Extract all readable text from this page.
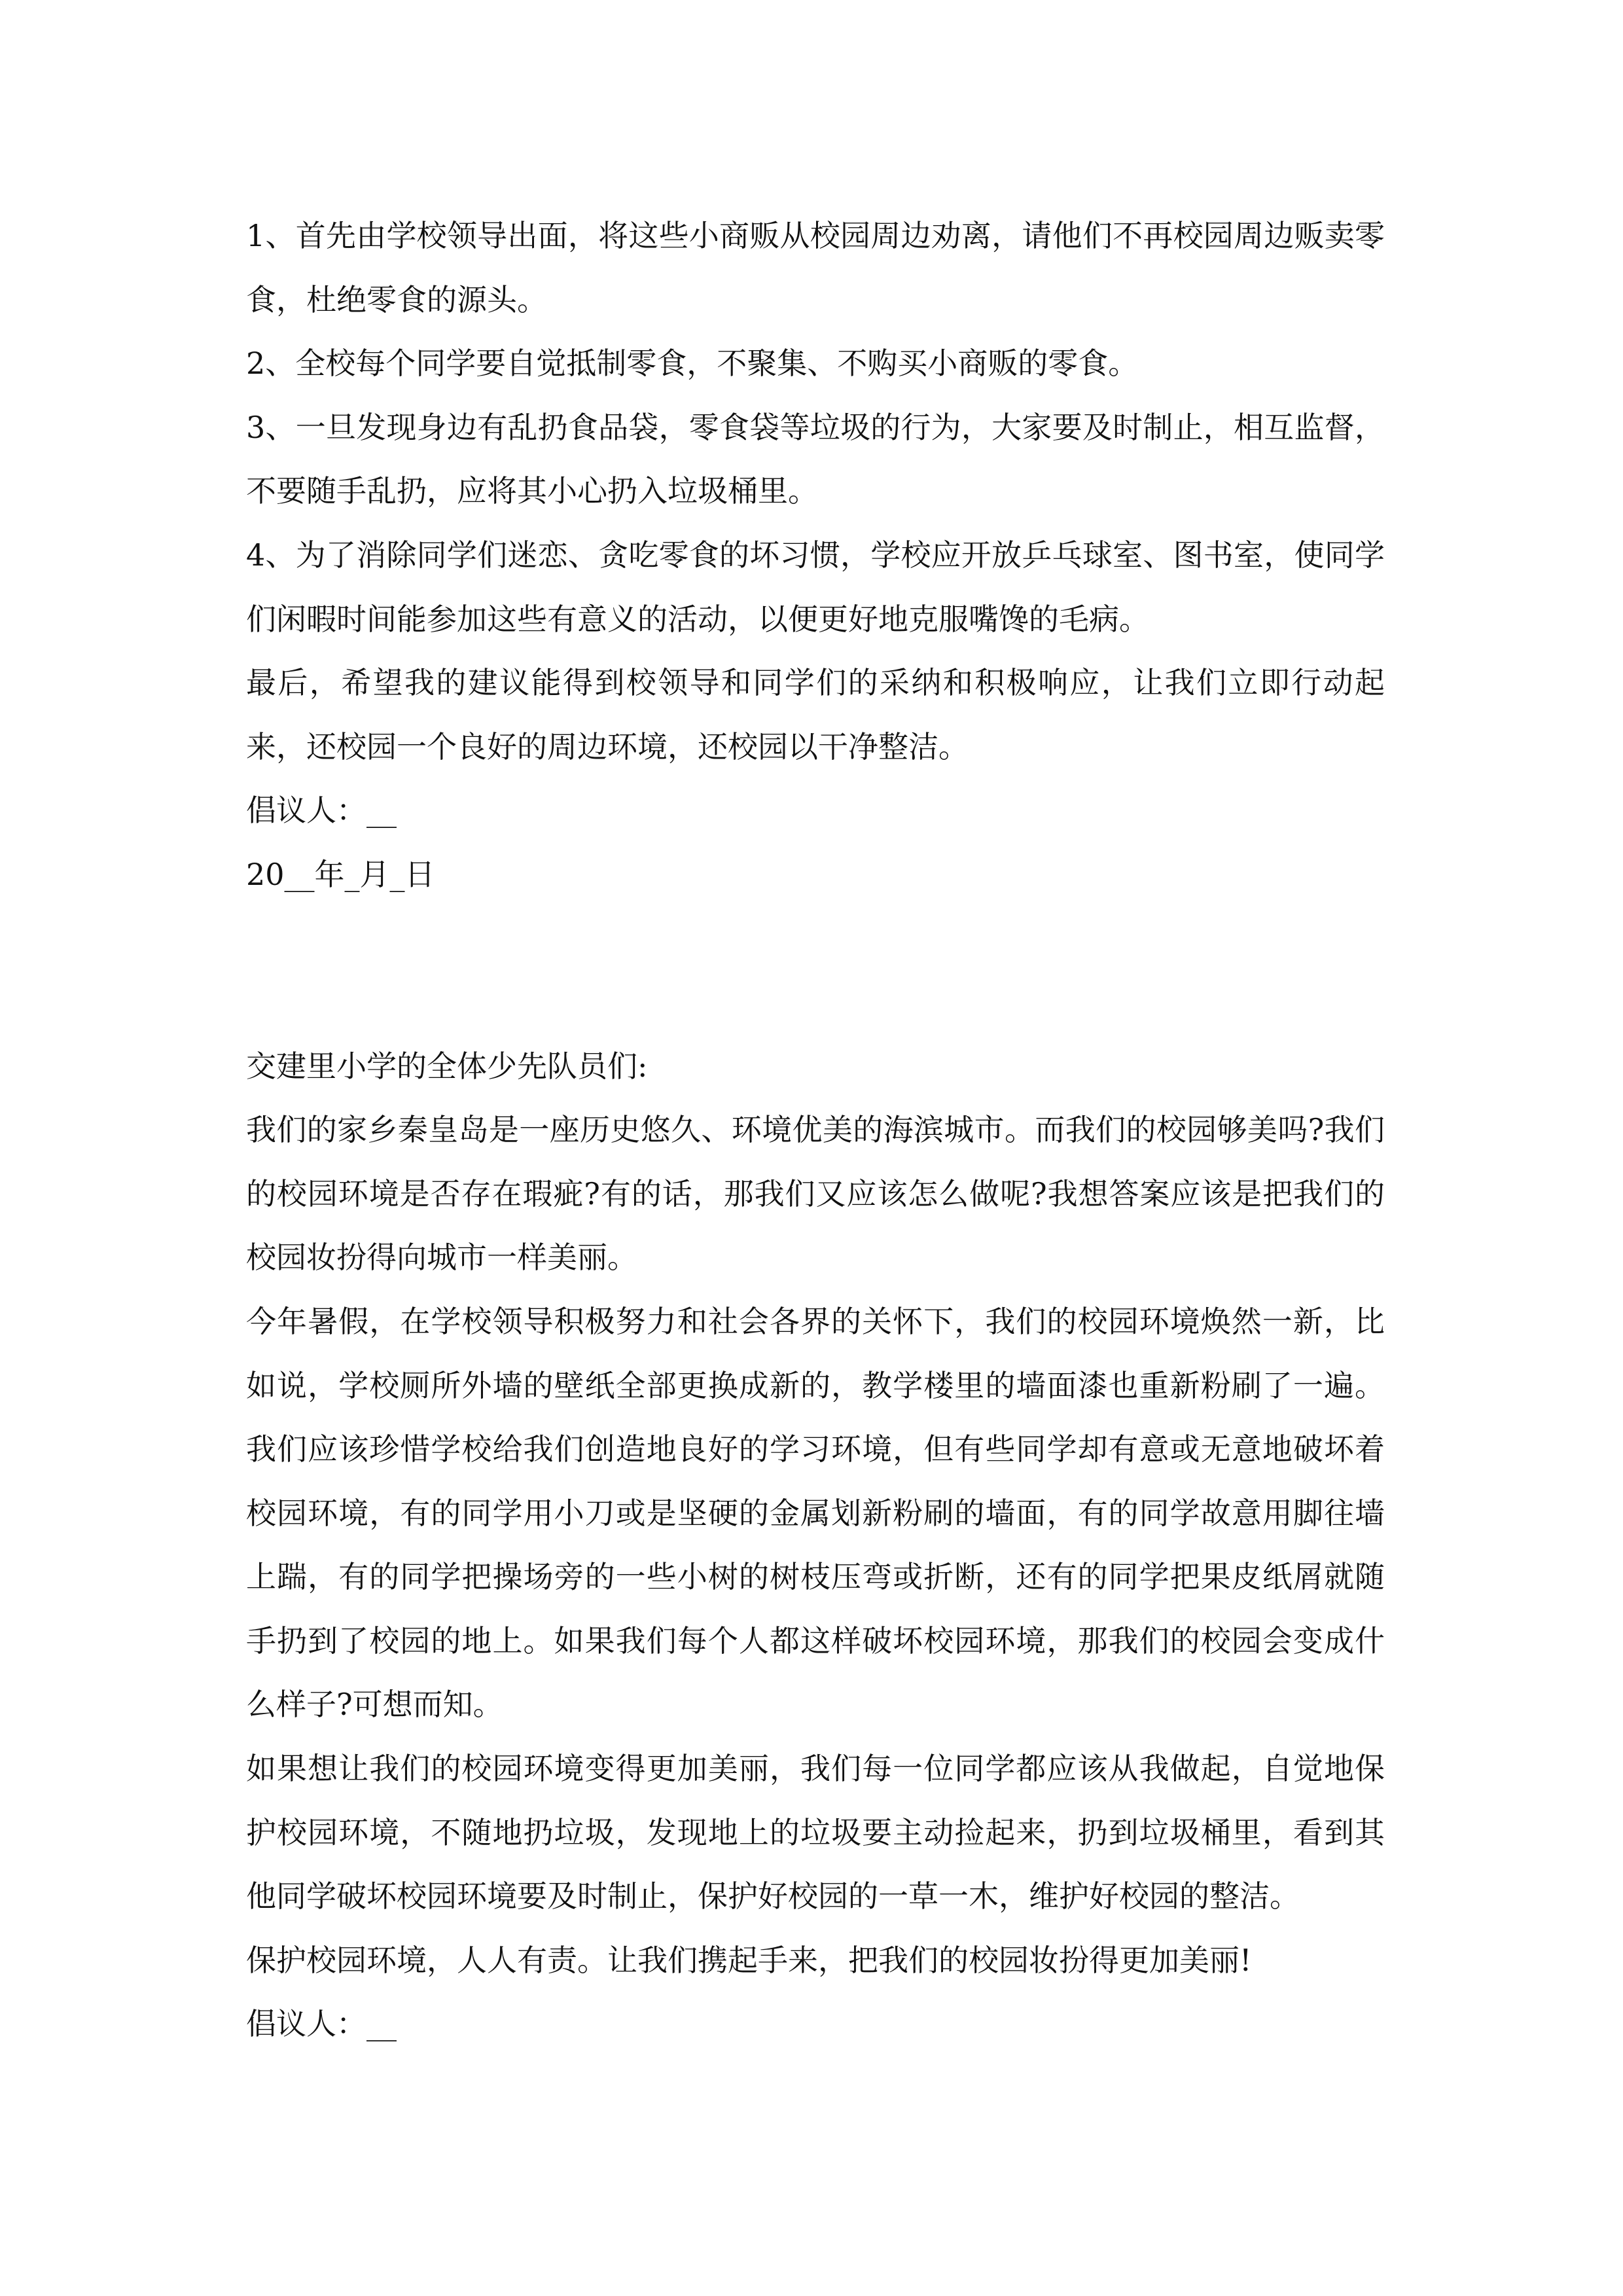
1、首先由学校领导出面，将这些小商贩从校园周边劝离，请他们不再校园周边贩卖零食，杜绝零食的源头。

2、全校每个同学要自觉抵制零食，不聚集、不购买小商贩的零食。

3、一旦发现身边有乱扔食品袋，零食袋等垃圾的行为，大家要及时制止，相互监督，不要随手乱扔，应将其小心扔入垃圾桶里。

4、为了消除同学们迷恋、贪吃零食的坏习惯，学校应开放乒乓球室、图书室，使同学们闲暇时间能参加这些有意义的活动，以便更好地克服嘴馋的毛病。

最后，希望我的建议能得到校领导和同学们的采纳和积极响应，让我们立即行动起来，还校园一个良好的周边环境，还校园以干净整洁。

倡议人：__

20__年_月_日

交建里小学的全体少先队员们:

我们的家乡秦皇岛是一座历史悠久、环境优美的海滨城市。而我们的校园够美吗?我们的校园环境是否存在瑕疵?有的话，那我们又应该怎么做呢?我想答案应该是把我们的校园妆扮得向城市一样美丽。

今年暑假，在学校领导积极努力和社会各界的关怀下，我们的校园环境焕然一新，比如说，学校厕所外墙的壁纸全部更换成新的，教学楼里的墙面漆也重新粉刷了一遍。我们应该珍惜学校给我们创造地良好的学习环境，但有些同学却有意或无意地破坏着校园环境，有的同学用小刀或是坚硬的金属划新粉刷的墙面，有的同学故意用脚往墙上踹，有的同学把操场旁的一些小树的树枝压弯或折断，还有的同学把果皮纸屑就随手扔到了校园的地上。如果我们每个人都这样破坏校园环境，那我们的校园会变成什么样子?可想而知。

如果想让我们的校园环境变得更加美丽，我们每一位同学都应该从我做起，自觉地保护校园环境，不随地扔垃圾，发现地上的垃圾要主动捡起来，扔到垃圾桶里，看到其他同学破坏校园环境要及时制止，保护好校园的一草一木，维护好校园的整洁。

保护校园环境，人人有责。让我们携起手来，把我们的校园妆扮得更加美丽!

倡议人：__
